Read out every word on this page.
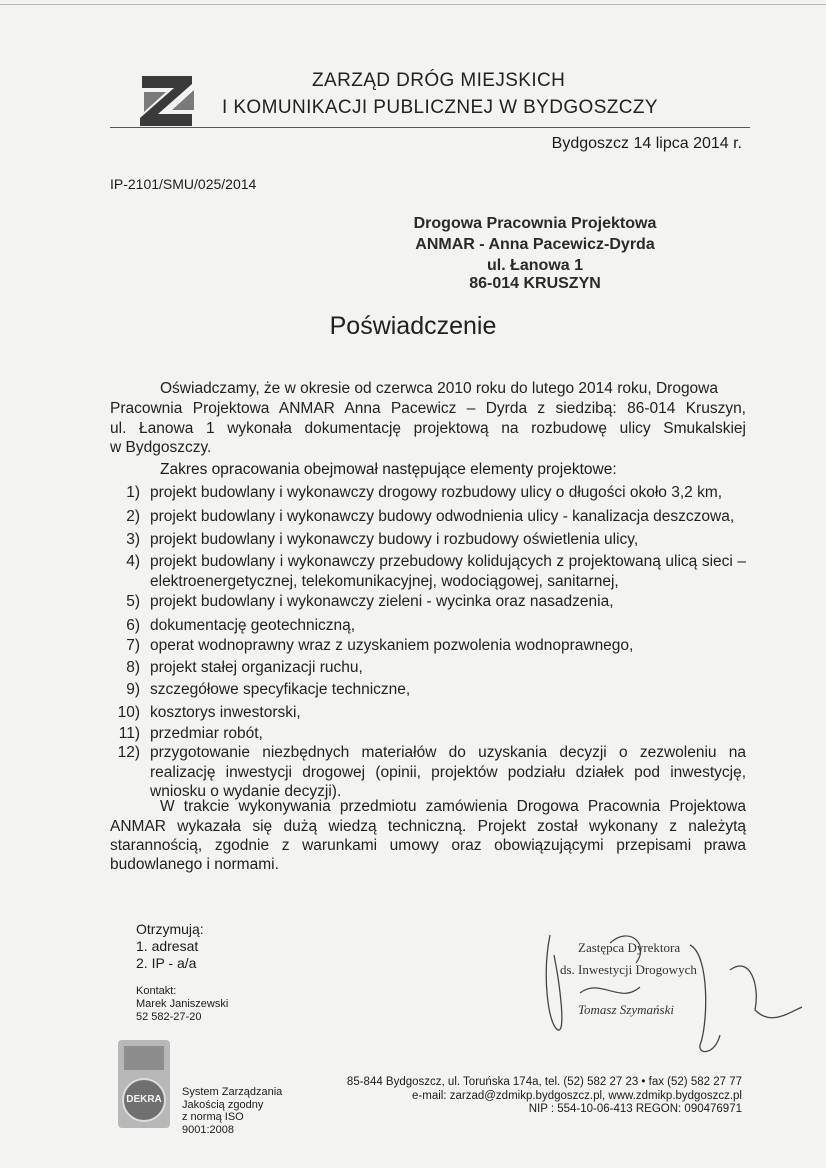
ZARZĄD DRÓG MIEJSKICH
I KOMUNIKACJI PUBLICZNEJ W BYDGOSZCZY
Bydgoszcz 14 lipca 2014 r.
IP-2101/SMU/025/2014
Drogowa Pracownia Projektowa
ANMAR - Anna Pacewicz-Dyrda
ul. Łanowa 1
86-014 KRUSZYN
Poświadczenie
Oświadczamy, że w okresie od czerwca 2010 roku do lutego 2014 roku, Drogowa
Pracownia Projektowa ANMAR Anna Pacewicz – Dyrda z siedzibą: 86-014 Kruszyn,
ul. Łanowa 1 wykonała dokumentację projektową na rozbudowę ulicy Smukalskiej
w Bydgoszczy.
Zakres opracowania obejmował następujące elementy projektowe:
1) projekt budowlany i wykonawczy drogowy rozbudowy ulicy o długości około 3,2 km,
2) projekt budowlany i wykonawczy budowy odwodnienia ulicy - kanalizacja deszczowa,
3) projekt budowlany i wykonawczy budowy i rozbudowy oświetlenia ulicy,
4) projekt budowlany i wykonawczy przebudowy kolidujących z projektowaną ulicą sieci –
elektroenergetycznej, telekomunikacyjnej, wodociągowej, sanitarnej,
5) projekt budowlany i wykonawczy zieleni - wycinka oraz nasadzenia,
6) dokumentację geotechniczną,
7) operat wodnoprawny wraz z uzyskaniem pozwolenia wodnoprawnego,
8) projekt stałej organizacji ruchu,
9) szczegółowe specyfikacje techniczne,
10) kosztorys inwestorski,
11) przedmiar robót,
12) przygotowanie niezbędnych materiałów do uzyskania decyzji o zezwoleniu na
realizację inwestycji drogowej (opinii, projektów podziału działek pod inwestycję,
wniosku o wydanie decyzji).
W trakcie wykonywania przedmiotu zamówienia Drogowa Pracownia Projektowa
ANMAR wykazała się dużą wiedzą techniczną. Projekt został wykonany z należytą
starannością, zgodnie z warunkami umowy oraz obowiązującymi przepisami prawa
budowlanego i normami.
Otrzymują:
1. adresat
2. IP - a/a
Kontakt:
Marek Janiszewski
52 582-27-20
Zastępca Dyrektora
ds. Inwestycji Drogowych
Tomasz Szymański
DEKRA
System Zarządzania
Jakością zgodny
z normą ISO
9001:2008
85-844 Bydgoszcz, ul. Toruńska 174a, tel. (52) 582 27 23 • fax (52) 582 27 77
e-mail: zarzad@zdmikp.bydgoszcz.pl, www.zdmikp.bydgoszcz.pl
NIP : 554-10-06-413 REGON: 090476971
